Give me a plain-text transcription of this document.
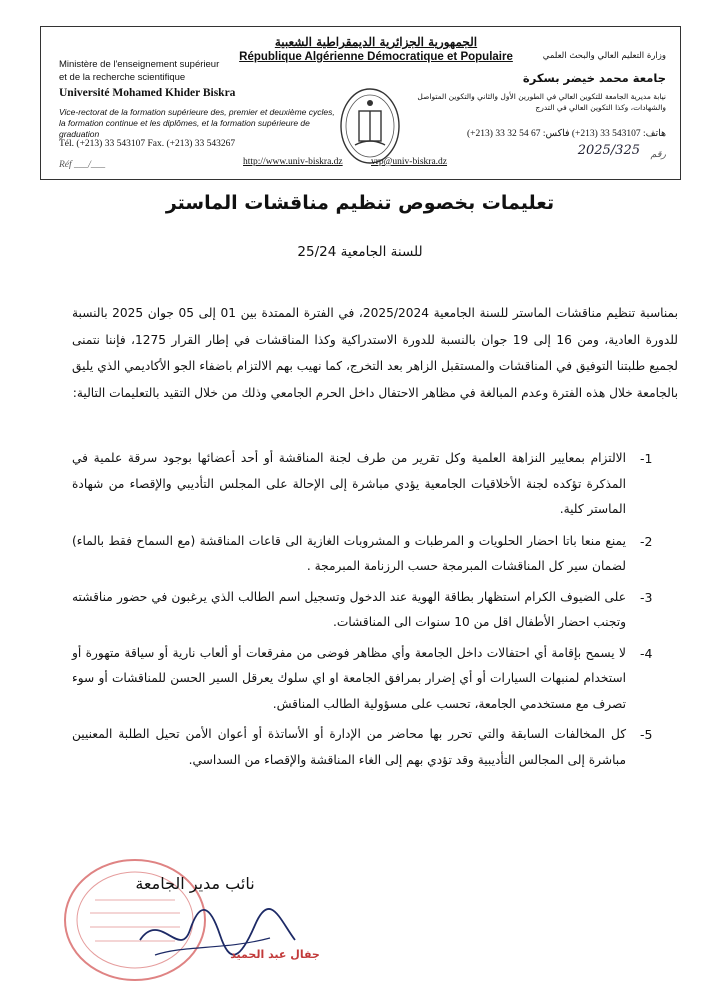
الجمهورية الجزائرية الديمقراطية الشعبية
République Algérienne Démocratique et Populaire
Ministère de l'enseignement supérieur
et de la recherche scientifique
Université Mohamed Khider Biskra
Vice-rectorat de la formation supérieure des, premier et deuxième cycles, la formation continue et les diplômes, et la formation supérieure de graduation
Tél. (+213) 33 543107 Fax. (+213) 33 543267
Réf ___/___
وزارة التعليم العالي والبحث العلمي
جامعة محمد خيضر بسكرة
نيابة مديرية الجامعة للتكوين العالي في الطورين الأول والثاني والتكوين المتواصل والشهادات، وكذا التكوين العالي في التدرج
هاتف: 543107 33 (213+) فاكس: 67 54 32 33 (213+)
رقم
2025/325
http://www.univ-biskra.dz	vrp@univ-biskra.dz
تعليمات بخصوص تنظيم مناقشات الماستر
للسنة الجامعية 25/24
بمناسبة تنظيم مناقشات الماستر للسنة الجامعية 2025/2024، في الفترة الممتدة بين 01 إلى 05 جوان 2025 بالنسبة للدورة العادية، ومن 16 إلى 19 جوان بالنسبة للدورة الاستدراكية وكذا المناقشات في إطار القرار 1275، فإننا نتمنى لجميع طلبتنا التوفيق في المناقشات والمستقبل الزاهر بعد التخرج، كما نهيب بهم الالتزام باضفاء الجو الأكاديمي الذي يليق بالجامعة خلال هذه الفترة وعدم المبالغة في مظاهر الاحتفال داخل الحرم الجامعي وذلك من خلال التقيد بالتعليمات التالية:
-1
الالتزام بمعايير النزاهة العلمية وكل تقرير من طرف لجنة المناقشة أو أحد أعضائها بوجود سرقة علمية في المذكرة تؤكده لجنة الأخلاقيات الجامعية يؤدي مباشرة إلى الإحالة على المجلس التأديبي والإقصاء من شهادة الماستر كلية.
-2
يمنع منعا باتا احضار الحلويات و المرطبات و المشروبات الغازية الى قاعات المناقشة (مع السماح فقط بالماء) لضمان سير كل المناقشات المبرمجة حسب الرزنامة المبرمجة .
-3
على الضيوف الكرام استظهار بطاقة الهوية عند الدخول وتسجيل اسم الطالب الذي يرغبون في حضور مناقشته وتجنب احضار الأطفال اقل من 10 سنوات الى المناقشات.
-4
لا يسمح بإقامة أي احتفالات داخل الجامعة وأي مظاهر فوضى من مفرقعات أو ألعاب نارية أو سياقة متهورة أو استخدام لمنبهات السيارات أو أي إضرار بمرافق الجامعة او اي سلوك يعرقل السير الحسن للمناقشات أو سوء تصرف مع مستخدمي الجامعة، تحسب على مسؤولية الطالب المناقش.
-5
كل المخالفات السابقة والتي تحرر بها محاضر من الإدارة أو الأساتذة أو أعوان الأمن تحيل الطلبة المعنيين مباشرة إلى المجالس التأديبية وقد تؤدي بهم إلى الغاء المناقشة والإقصاء من السداسي.
نائب مدير الجامعة
جفال عبد الحميد
